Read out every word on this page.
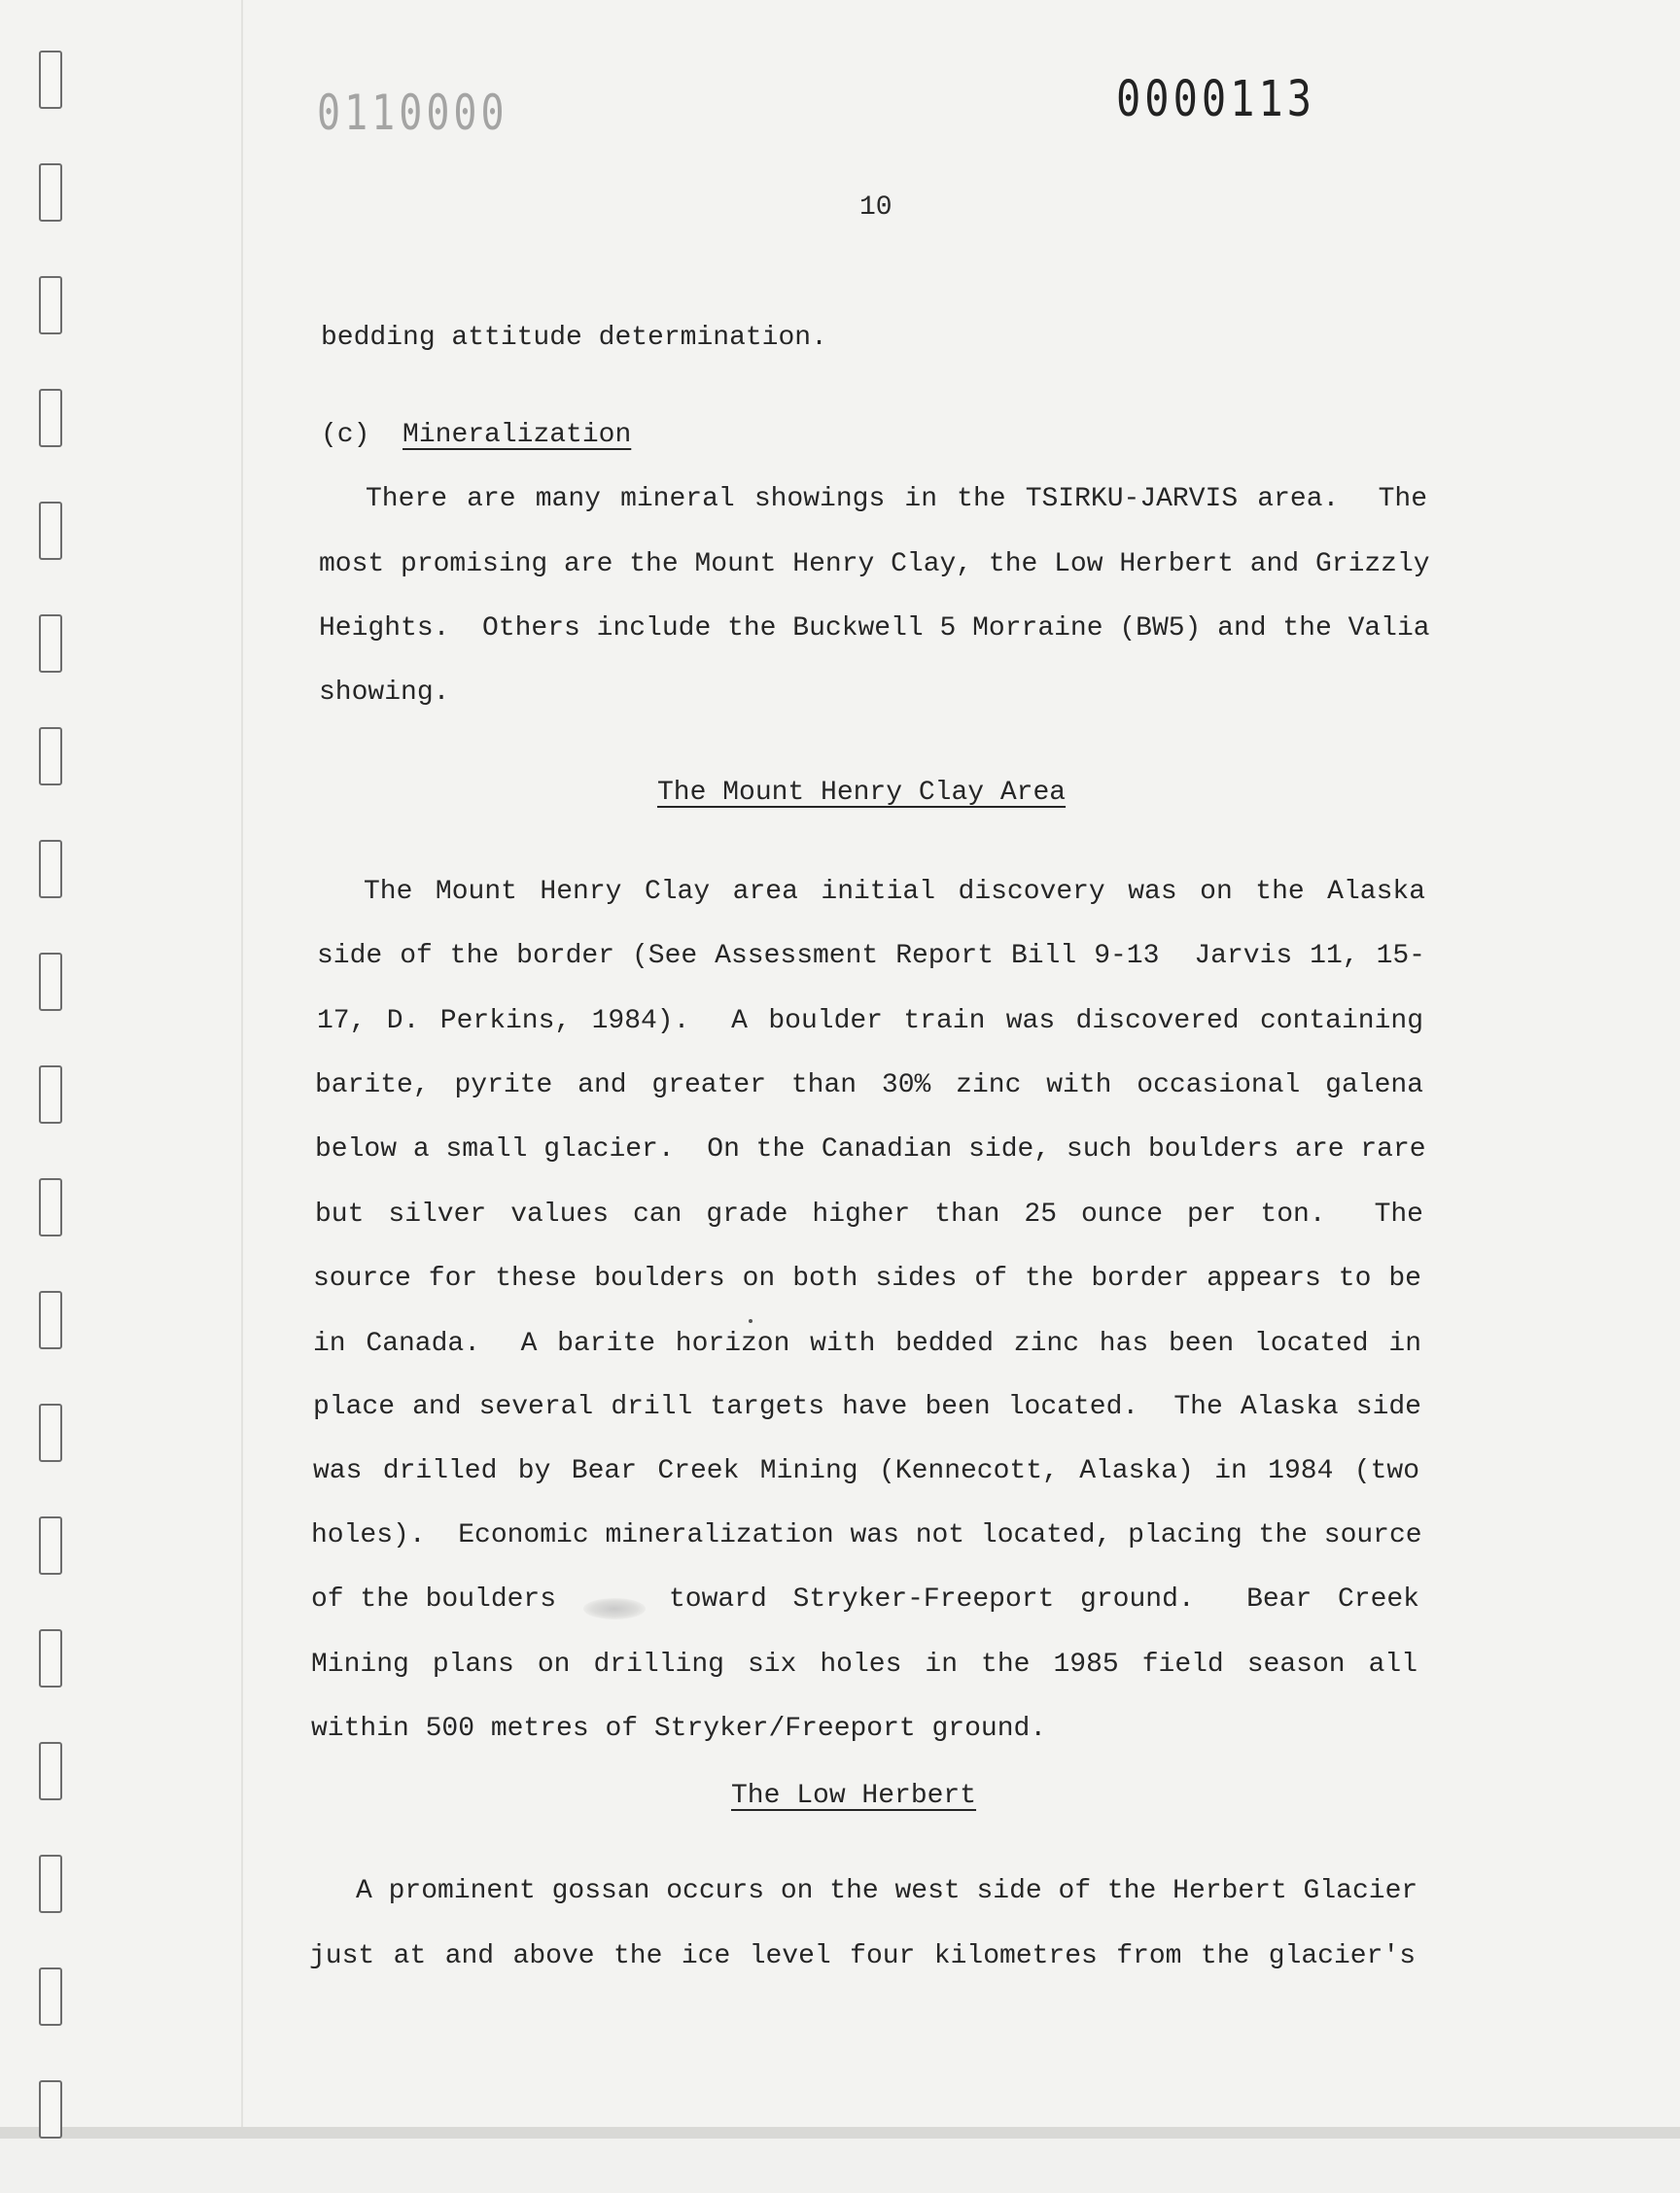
0110000	0000113
10
bedding attitude determination.
(c) Mineralization
There are many mineral showings in the TSIRKU-JARVIS area.  The
most promising are the Mount Henry Clay, the Low Herbert and Grizzly
Heights.  Others include the Buckwell 5 Morraine (BW5) and the Valia
showing.
The Mount Henry Clay Area
The Mount Henry Clay area initial discovery was on the Alaska
side of the border (See Assessment Report Bill 9-13  Jarvis 11, 15-
17, D. Perkins, 1984).  A boulder train was discovered containing
barite, pyrite and greater than 30% zinc with occasional galena
below a small glacier.  On the Canadian side, such boulders are rare
but silver values can grade higher than 25 ounce per ton.  The
source for these boulders on both sides of the border appears to be
in Canada.  A barite horizon with bedded zinc has been located in
place and several drill targets have been located.  The Alaska side
was drilled by Bear Creek Mining (Kennecott, Alaska) in 1984 (two
holes).  Economic mineralization was not located, placing the source
of the boulders	toward Stryker-Freeport ground.  Bear Creek
Mining plans on drilling six holes in the 1985 field season all
within 500 metres of Stryker/Freeport ground.
The Low Herbert
A prominent gossan occurs on the west side of the Herbert Glacier
just at and above the ice level four kilometres from the glacier's
